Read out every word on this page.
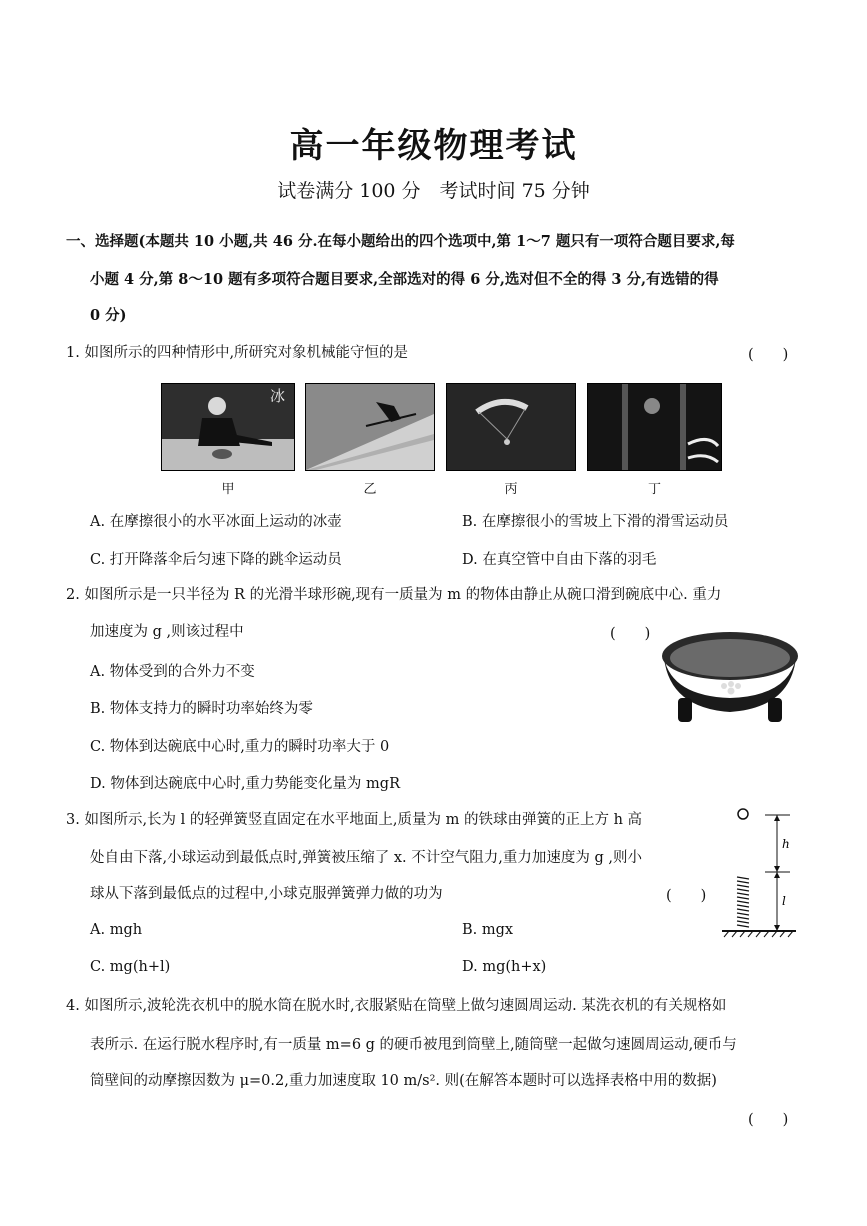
高一年级物理考试
试卷满分 100 分　考试时间 75 分钟
一、选择题(本题共 10 小题,共 46 分.在每小题给出的四个选项中,第 1～7 题只有一项符合题目要求,每
小题 4 分,第 8～10 题有多项符合题目要求,全部选对的得 6 分,选对但不全的得 3 分,有选错的得
0 分)
1. 如图所示的四种情形中,所研究对象机械能守恒的是	(　　)
冰
甲	乙	丙	丁
A. 在摩擦很小的水平冰面上运动的冰壶	B. 在摩擦很小的雪坡上下滑的滑雪运动员
C. 打开降落伞后匀速下降的跳伞运动员	D. 在真空管中自由下落的羽毛
2. 如图所示是一只半径为 R 的光滑半球形碗,现有一质量为 m 的物体由静止从碗口滑到碗底中心. 重力
加速度为 g ,则该过程中	(　　)
A. 物体受到的合外力不变
B. 物体支持力的瞬时功率始终为零
C. 物体到达碗底中心时,重力的瞬时功率大于 0
D. 物体到达碗底中心时,重力势能变化量为 mgR
3. 如图所示,长为 l 的轻弹簧竖直固定在水平地面上,质量为 m 的铁球由弹簧的正上方 h 高
处自由下落,小球运动到最低点时,弹簧被压缩了 x. 不计空气阻力,重力加速度为 g ,则小
球从下落到最低点的过程中,小球克服弹簧弹力做的功为	(　　)
h
l
A. mgh	B. mgx
C. mg(h+l)	D. mg(h+x)
4. 如图所示,波轮洗衣机中的脱水筒在脱水时,衣服紧贴在筒壁上做匀速圆周运动. 某洗衣机的有关规格如
表所示. 在运行脱水程序时,有一质量 m=6 g 的硬币被甩到筒壁上,随筒壁一起做匀速圆周运动,硬币与
筒壁间的动摩擦因数为 μ=0.2,重力加速度取 10 m/s². 则(在解答本题时可以选择表格中用的数据)
(　　)
